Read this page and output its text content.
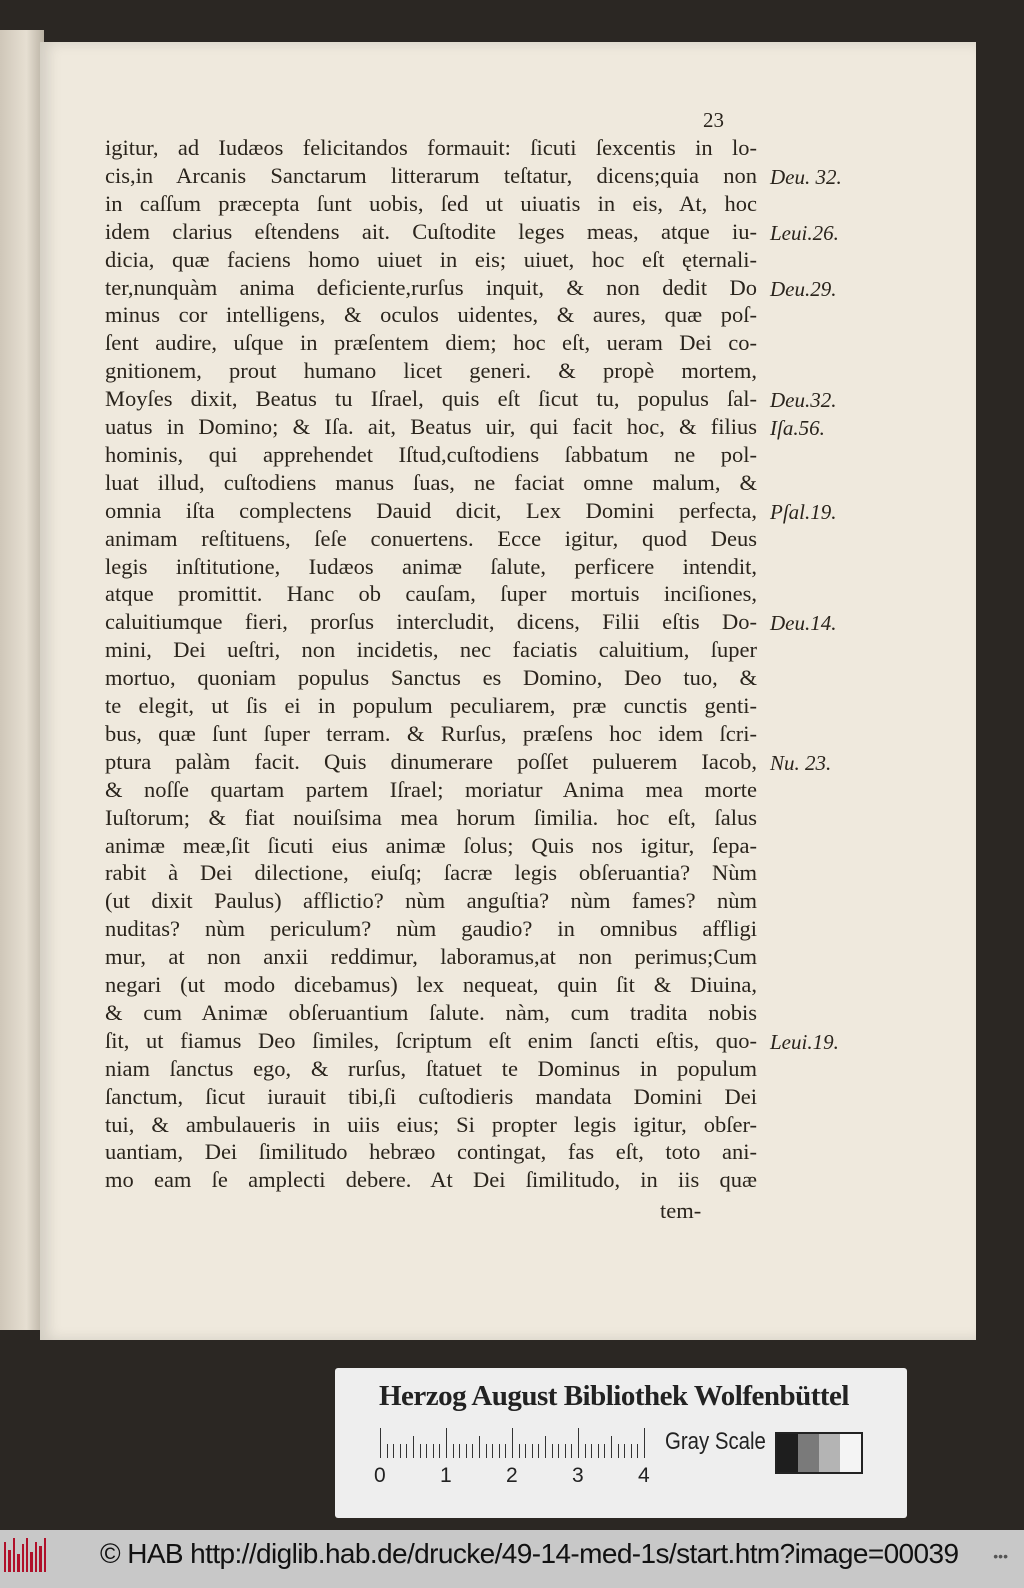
23
igitur, ad Iudæos felicitandos formauit: ſicuti ſexcentis in lo-
cis,in Arcanis Sanctarum litterarum teſtatur, dicens;quia non Deu. 32.
in caſſum præcepta ſunt uobis, ſed ut uiuatis in eis, At, hoc
idem clarius eſtendens ait. Cuſtodite leges meas, atque iu- Leui.26.
dicia, quæ faciens homo uiuet in eis; uiuet, hoc eſt ęternali-
ter,nunquàm anima deficiente,rurſus inquit, & non dedit Do Deu.29.
minus cor intelligens, & oculos uidentes, & aures, quæ poſ-
ſent audire, uſque in præſentem diem; hoc eſt, ueram Dei co-
gnitionem, prout humano licet generi. & propè mortem,
Moyſes dixit, Beatus tu Iſrael, quis eſt ſicut tu, populus ſal- Deu.32.
uatus in Domino; & Iſa. ait, Beatus uir, qui facit hoc, & filius Iſa.56.
hominis, qui apprehendet Iſtud,cuſtodiens ſabbatum ne pol-
luat illud, cuſtodiens manus ſuas, ne faciat omne malum, &
omnia iſta complectens Dauid dicit, Lex Domini perfecta, Pſal.19.
animam reſtituens, ſeſe conuertens. Ecce igitur, quod Deus
legis inſtitutione, Iudæos animæ ſalute, perficere intendit,
atque promittit. Hanc ob cauſam, ſuper mortuis inciſiones,
caluitiumque fieri, prorſus intercludit, dicens, Filii eſtis Do- Deu.14.
mini, Dei ueſtri, non incidetis, nec faciatis caluitium, ſuper
mortuo, quoniam populus Sanctus es Domino, Deo tuo, &
te elegit, ut ſis ei in populum peculiarem, præ cunctis genti-
bus, quæ ſunt ſuper terram. & Rurſus, præſens hoc idem ſcri-
ptura palàm facit. Quis dinumerare poſſet puluerem Iacob, Nu. 23.
& noſſe quartam partem Iſrael; moriatur Anima mea morte
Iuſtorum; & fiat nouiſsima mea horum ſimilia. hoc eſt, ſalus
animæ meæ,ſit ſicuti eius animæ ſolus; Quis nos igitur, ſepa-
rabit à Dei dilectione, eiuſq; ſacræ legis obſeruantia? Nùm
(ut dixit Paulus) afflictio? nùm anguſtia? nùm fames? nùm
nuditas? nùm periculum? nùm gaudio? in omnibus affligi
mur, at non anxii reddimur, laboramus,at non perimus;Cum
negari (ut modo dicebamus) lex nequeat, quin ſit & Diuina,
& cum Animæ obſeruantium ſalute. nàm, cum tradita nobis
ſit, ut fiamus Deo ſimiles, ſcriptum eſt enim ſancti eſtis, quo- Leui.19.
niam ſanctus ego, & rurſus, ſtatuet te Dominus in populum
ſanctum, ſicut iurauit tibi,ſi cuſtodieris mandata Domini Dei
tui, & ambulaueris in uiis eius; Si propter legis igitur, obſer-
uantiam, Dei ſimilitudo hebræo contingat, fas eſt, toto ani-
mo eam ſe amplecti debere. At Dei ſimilitudo, in iis quæ
tem-
Herzog August Bibliothek Wolfenbüttel
Gray Scale
0	1	2	3	4
© HAB http://diglib.hab.de/drucke/49-14-med-1s/start.htm?image=00039 •••
